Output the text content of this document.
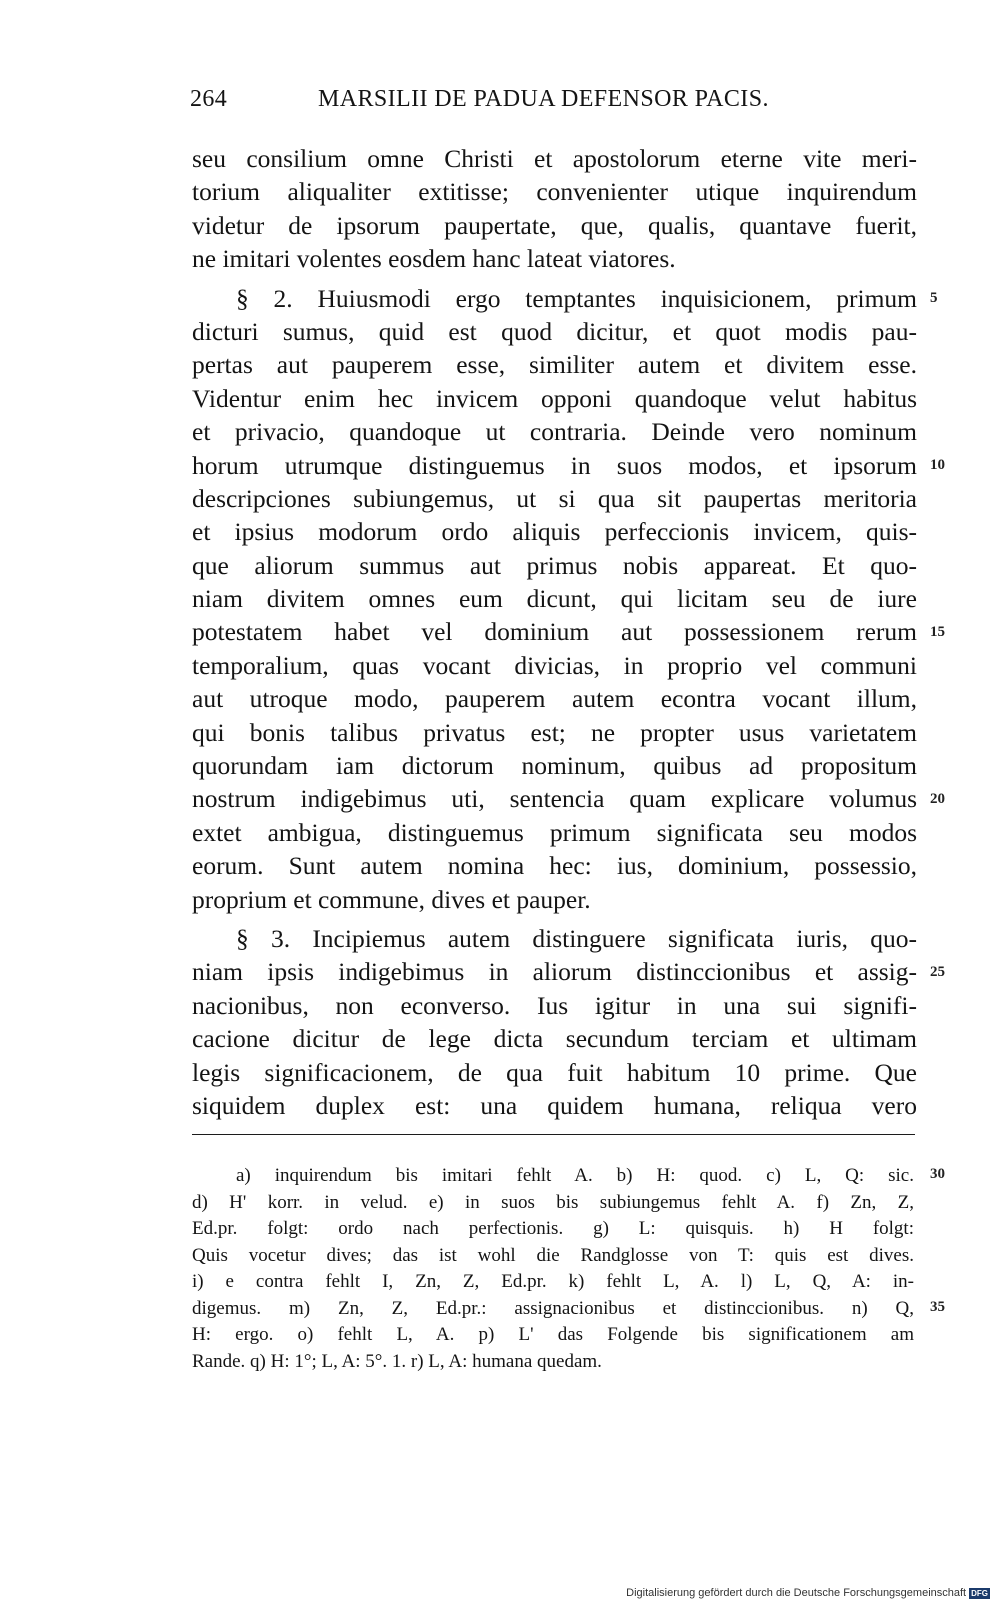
264	MARSILII DE PADUA DEFENSOR PACIS.
seu consilium omne Christi et apostolorum eterne vite meri-
torium aliqualiter extitisse; convenienter utique inquirendum
videtur de ipsorum paupertate, que, qualis, quantave fuerit,
ne imitari volentes eosdem hanc lateat viatores.
§ 2. Huiusmodi ergo temptantes inquisicionem, primum
dicturi sumus, quid est quod dicitur, et quot modis pau-
pertas aut pauperem esse, similiter autem et divitem esse.
Videntur enim hec invicem opponi quandoque velut habitus
et privacio, quandoque ut contraria. Deinde vero nominum
horum utrumque distinguemus in suos modos, et ipsorum
descripciones subiungemus, ut si qua sit paupertas meritoria
et ipsius modorum ordo aliquis perfeccionis invicem, quis-
que aliorum summus aut primus nobis appareat. Et quo-
niam divitem omnes eum dicunt, qui licitam seu de iure
potestatem habet vel dominium aut possessionem rerum
temporalium, quas vocant divicias, in proprio vel communi
aut utroque modo, pauperem autem econtra vocant illum,
qui bonis talibus privatus est; ne propter usus varietatem
quorundam iam dictorum nominum, quibus ad propositum
nostrum indigebimus uti, sentencia quam explicare volumus
extet ambigua, distinguemus primum significata seu modos
eorum. Sunt autem nomina hec: ius, dominium, possessio,
proprium et commune, dives et pauper.
§ 3. Incipiemus autem distinguere significata iuris, quo-
niam ipsis indigebimus in aliorum distinccionibus et assig-
nacionibus, non econverso. Ius igitur in una sui signifi-
cacione dicitur de lege dicta secundum terciam et ultimam
legis significacionem, de qua fuit habitum 10 prime. Que
siquidem duplex est: una quidem humana, reliqua vero
a) inquirendum bis imitari fehlt A. b) H: quod. c) L, Q: sic.
d) H' korr. in velud. e) in suos bis subiungemus fehlt A. f) Zn, Z,
Ed.pr. folgt: ordo nach perfectionis. g) L: quisquis. h) H folgt:
Quis vocetur dives; das ist wohl die Randglosse von T: quis est dives.
i) e contra fehlt I, Zn, Z, Ed.pr. k) fehlt L, A. l) L, Q, A: in-
digemus. m) Zn, Z, Ed.pr.: assignacionibus et distinccionibus. n) Q,
H: ergo. o) fehlt L, A. p) L' das Folgende bis significationem am
Rande. q) H: 1°; L, A: 5°. 1. r) L, A: humana quedam.
5
10
15
20
25
30
35
Digitalisierung gefördert durch die Deutsche Forschungsgemeinschaft DFG
